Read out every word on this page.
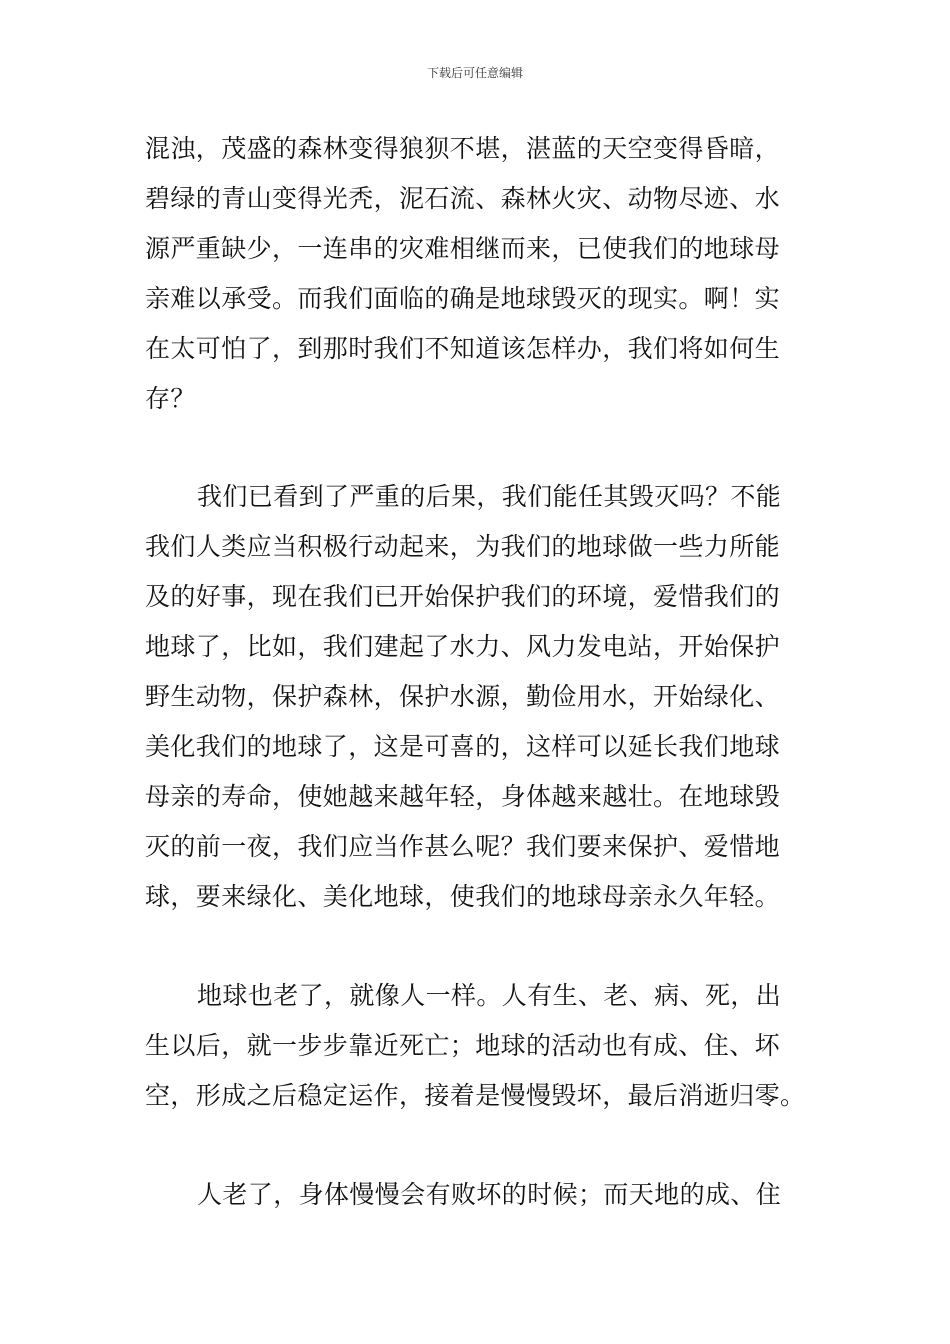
下载后可任意编辑
混浊，茂盛的森林变得狼狈不堪，湛蓝的天空变得昏暗，
碧绿的青山变得光秃，泥石流、森林火灾、动物尽迹、水
源严重缺少，一连串的灾难相继而来，已使我们的地球母
亲难以承受。而我们面临的确是地球毁灭的现实。啊！实
在太可怕了，到那时我们不知道该怎样办，我们将如何生
存？
我们已看到了严重的后果，我们能任其毁灭吗？不能
我们人类应当积极行动起来，为我们的地球做一些力所能
及的好事，现在我们已开始保护我们的环境，爱惜我们的
地球了，比如，我们建起了水力、风力发电站，开始保护
野生动物，保护森林，保护水源，勤俭用水，开始绿化、
美化我们的地球了，这是可喜的，这样可以延长我们地球
母亲的寿命，使她越来越年轻，身体越来越壮。在地球毁
灭的前一夜，我们应当作甚么呢？我们要来保护、爱惜地
球，要来绿化、美化地球，使我们的地球母亲永久年轻。
地球也老了，就像人一样。人有生、老、病、死，出
生以后，就一步步靠近死亡；地球的活动也有成、住、坏
空，形成之后稳定运作，接着是慢慢毁坏，最后消逝归零。
人老了，身体慢慢会有败坏的时候；而天地的成、住
